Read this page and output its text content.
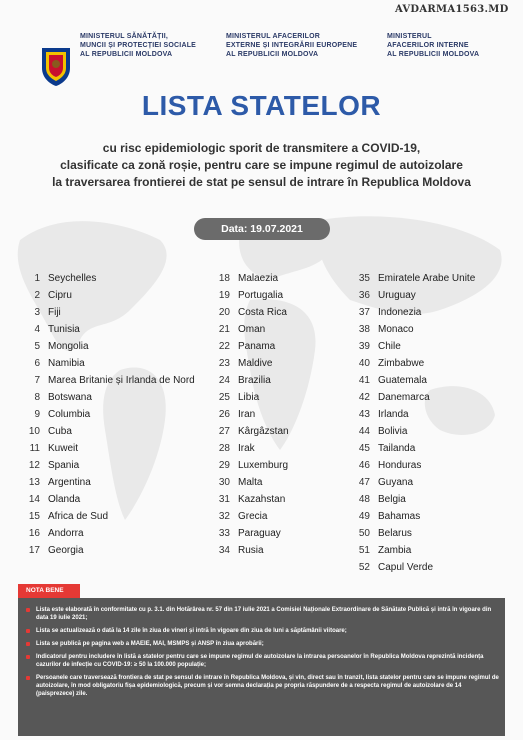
MINISTERUL SĂNĂTĂȚII,
MUNCII ȘI PROTECȚIEI SOCIALE
AL REPUBLICII MOLDOVA
MINISTERUL AFACERILOR
EXTERNE ȘI INTEGRĂRII EUROPENE
AL REPUBLICII MOLDOVA
MINISTERUL
AFACERILOR INTERNE
AL REPUBLICII MOLDOVA
AVDARMA1563.MD
LISTA STATELOR
cu risc epidemiologic sporit de transmitere a COVID-19,
clasificate ca zonă roșie, pentru care se impune regimul de autoizolare
la traversarea frontierei de stat pe sensul de intrare în Republica Moldova
Data: 19.07.2021
1 Seychelles
2 Cipru
3 Fiji
4 Tunisia
5 Mongolia
6 Namibia
7 Marea Britanie și Irlanda de Nord
8 Botswana
9 Columbia
10 Cuba
11 Kuweit
12 Spania
13 Argentina
14 Olanda
15 Africa de Sud
16 Andorra
17 Georgia
18 Malaezia
19 Portugalia
20 Costa Rica
21 Oman
22 Panama
23 Maldive
24 Brazilia
25 Libia
26 Iran
27 Kârgâzstan
28 Irak
29 Luxemburg
30 Malta
31 Kazahstan
32 Grecia
33 Paraguay
34 Rusia
35 Emiratele Arabe Unite
36 Uruguay
37 Indonezia
38 Monaco
39 Chile
40 Zimbabwe
41 Guatemala
42 Danemarca
43 Irlanda
44 Bolivia
45 Tailanda
46 Honduras
47 Guyana
48 Belgia
49 Bahamas
50 Belarus
51 Zambia
52 Capul Verde
NOTA BENE
Lista este elaborată în conformitate cu p. 3.1. din Hotărârea nr. 57 din 17 iulie 2021 a Comisiei Naționale Extraordinare de Sănătate Publică și intră în vigoare din data 19 iulie 2021;
Lista se actualizează o dată la 14 zile în ziua de vineri și intră în vigoare din ziua de luni a săptămânii viitoare;
Lista se publică pe pagina web a MAEIE, MAI, MSMPS și ANSP în ziua aprobării;
Indicatorul pentru includere în listă a statelor pentru care se impune regimul de autoizolare la intrarea persoanelor în Republica Moldova reprezintă incidența cazurilor de infecție cu COVID-19: ≥ 50 la 100.000 populație;
Persoanele care traversează frontiera de stat pe sensul de intrare în Republica Moldova, și vin, direct sau în tranzit, lista statelor pentru care se impune regimul de autoizolare, în mod obligatoriu fișa epidemiologică, precum și vor semna declarația pe propria răspundere de a respecta regimul de autoizolare de 14 (paisprezece) zile.
